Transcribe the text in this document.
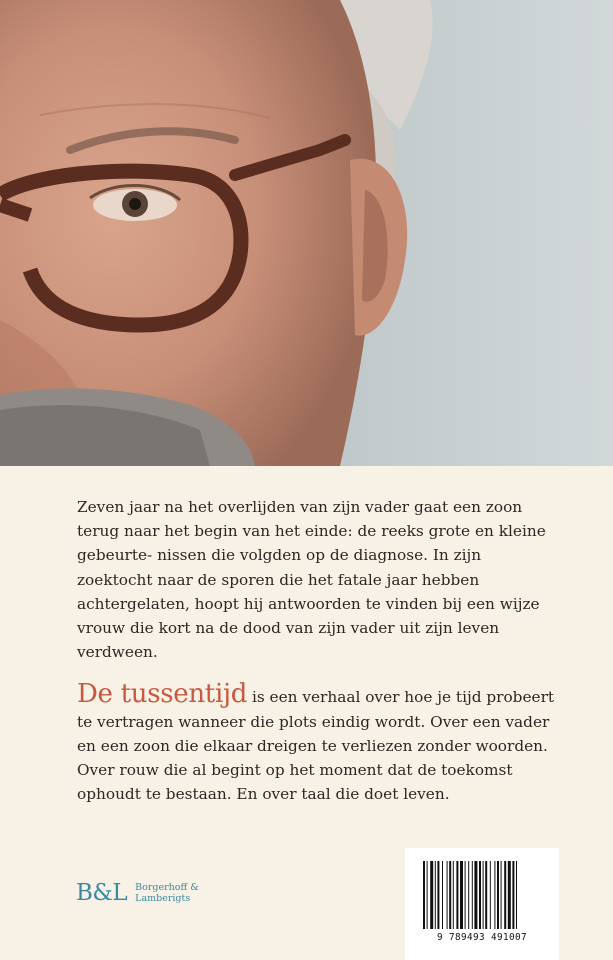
Zeven jaar na het overlijden van zijn vader gaat een zoon terug naar het begin van het einde: de reeks grote en kleine gebeurte- nissen die volgden op de diagnose. In zijn zoektocht naar de sporen die het fatale jaar hebben achtergelaten, hoopt hij antwoorden te vinden bij een wijze vrouw die kort na de dood van zijn vader uit zijn leven verdween.

De tussentijd is een verhaal over hoe je tijd probeert te vertragen wanneer die plots eindig wordt. Over een vader en een zoon die elkaar dreigen te verliezen zonder woorden. Over rouw die al begint op het moment dat de toekomst ophoudt te bestaan. En over taal die doet leven.

B&L Borgerhoff &
Lamberigts
9 789493 491007
